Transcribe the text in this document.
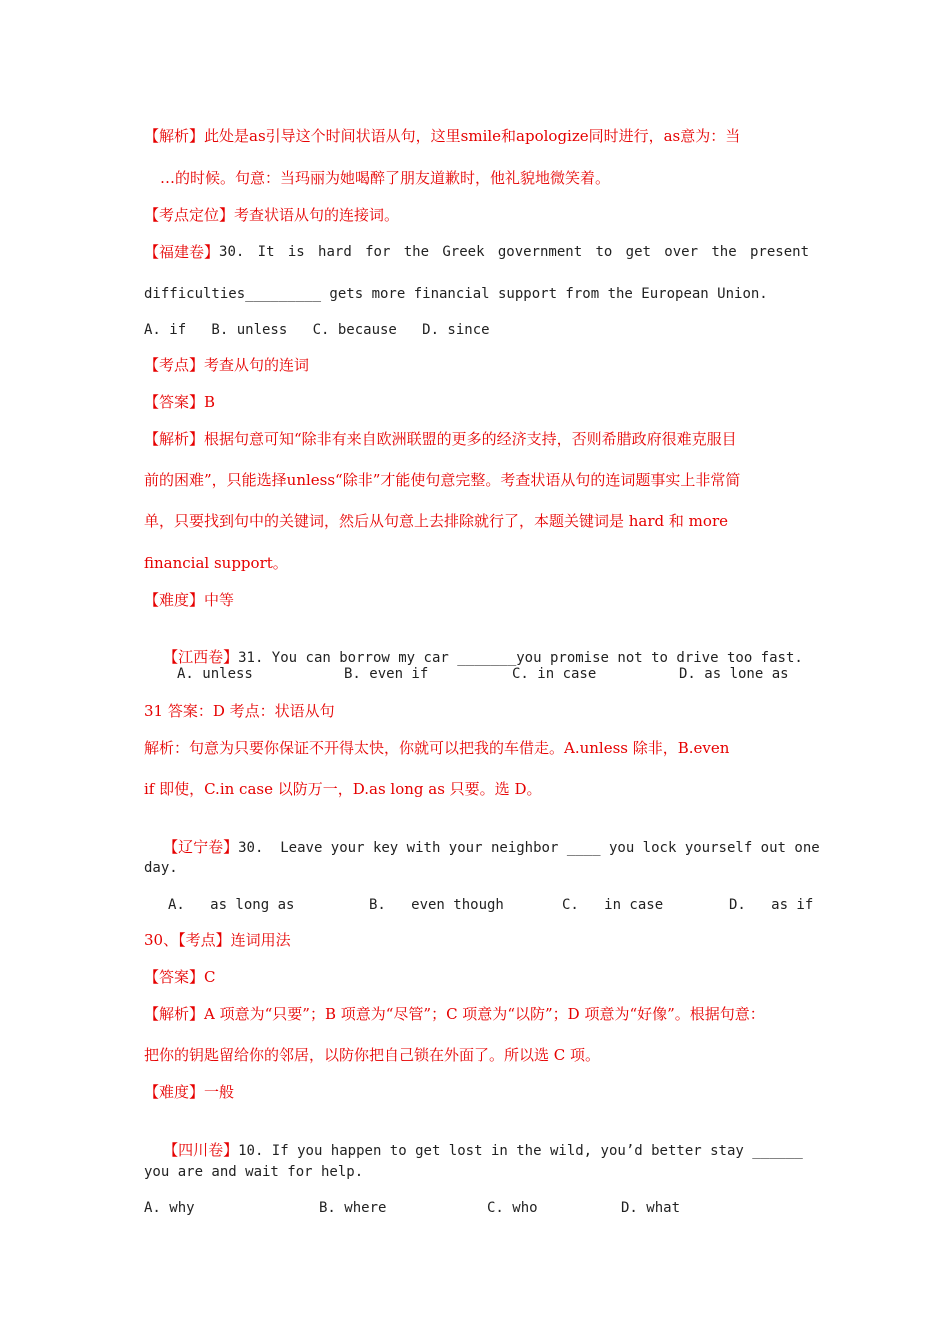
【解析】此处是as引导这个时间状语从句，这里smile和apologize同时进行，as意为：当
…的时候。句意：当玛丽为她喝醉了朋友道歉时，他礼貌地微笑着。
【考点定位】考查状语从句的连接词。
【福建卷】 30. It is hard for the Greek government to get over the present
difficulties_________ gets more financial support from the European Union.
A. if   B. unless   C. because   D. since
【考点】考查从句的连词
【答案】B
【解析】根据句意可知“除非有来自欧洲联盟的更多的经济支持，否则希腊政府很难克服目
前的困难”，只能选择unless“除非”才能使句意完整。考查状语从句的连词题事实上非常简
单，只要找到句中的关键词，然后从句意上去排除就行了，本题关键词是 hard 和 more
financial support。
【难度】中等

【江西卷】31. You can borrow my car _______you promise not to drive too fast.

A. unless

	B. even if

	C. in case

	D. as lone as

31 答案：D 考点：状语从句
解析：句意为只要你保证不开得太快，你就可以把我的车借走。A.unless 除非，B.even
if 即使，C.in case 以防万一，D.as long as 只要。选 D。

【辽宁卷】30.  Leave your key with your neighbor ____ you lock yourself out one

day.

A.   as long as

	B.   even though

	C.   in case

	D.   as if

30、【考点】连词用法
【答案】C
【解析】A 项意为“只要”；B 项意为“尽管”；C 项意为“以防”；D 项意为“好像”。根据句意：
把你的钥匙留给你的邻居，以防你把自己锁在外面了。所以选 C 项。
【难度】一般

【四川卷】10. If you happen to get lost in the wild, you’d better stay ______

you are and wait for help.

A. why

	B. where

	C. who

	D. what
